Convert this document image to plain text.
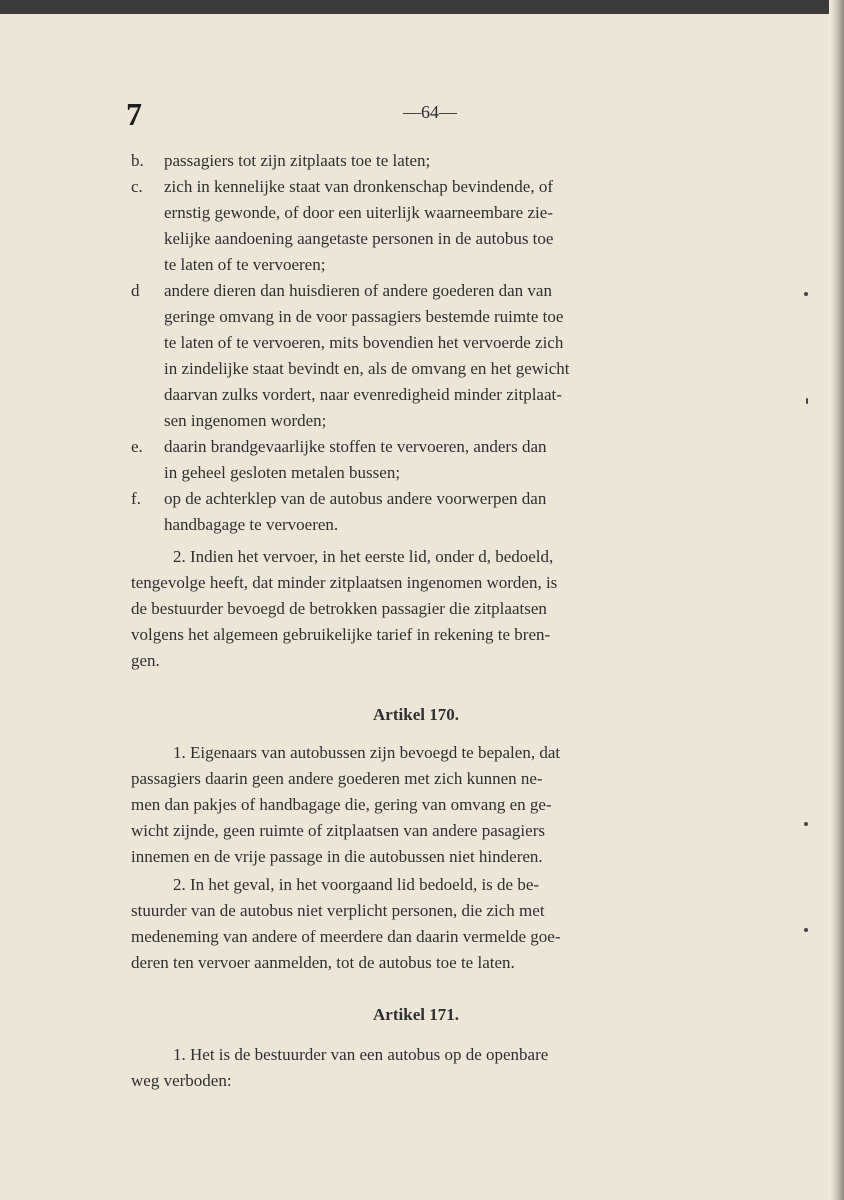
7	—64—
b. passagiers tot zijn zitplaats toe te laten;
c. zich in kennelijke staat van dronkenschap bevindende, of
ernstig gewonde, of door een uiterlijk waarneembare zie-
kelijke aandoening aangetaste personen in de autobus toe
te laten of te vervoeren;
d andere dieren dan huisdieren of andere goederen dan van
geringe omvang in de voor passagiers bestemde ruimte toe
te laten of te vervoeren, mits bovendien het vervoerde zich
in zindelijke staat bevindt en, als de omvang en het gewicht
daarvan zulks vordert, naar evenredigheid minder zitplaat-
sen ingenomen worden;
e. daarin brandgevaarlijke stoffen te vervoeren, anders dan
in geheel gesloten metalen bussen;
f. op de achterklep van de autobus andere voorwerpen dan
handbagage te vervoeren.
2. Indien het vervoer, in het eerste lid, onder d, bedoeld,
tengevolge heeft, dat minder zitplaatsen ingenomen worden, is
de bestuurder bevoegd de betrokken passagier die zitplaatsen
volgens het algemeen gebruikelijke tarief in rekening te bren-
gen.
Artikel 170.
1. Eigenaars van autobussen zijn bevoegd te bepalen, dat
passagiers daarin geen andere goederen met zich kunnen ne-
men dan pakjes of handbagage die, gering van omvang en ge-
wicht zijnde, geen ruimte of zitplaatsen van andere pasagiers
innemen en de vrije passage in die autobussen niet hinderen.
2. In het geval, in het voorgaand lid bedoeld, is de be-
stuurder van de autobus niet verplicht personen, die zich met
medeneming van andere of meerdere dan daarin vermelde goe-
deren ten vervoer aanmelden, tot de autobus toe te laten.
Artikel 171.
1. Het is de bestuurder van een autobus op de openbare
weg verboden:
